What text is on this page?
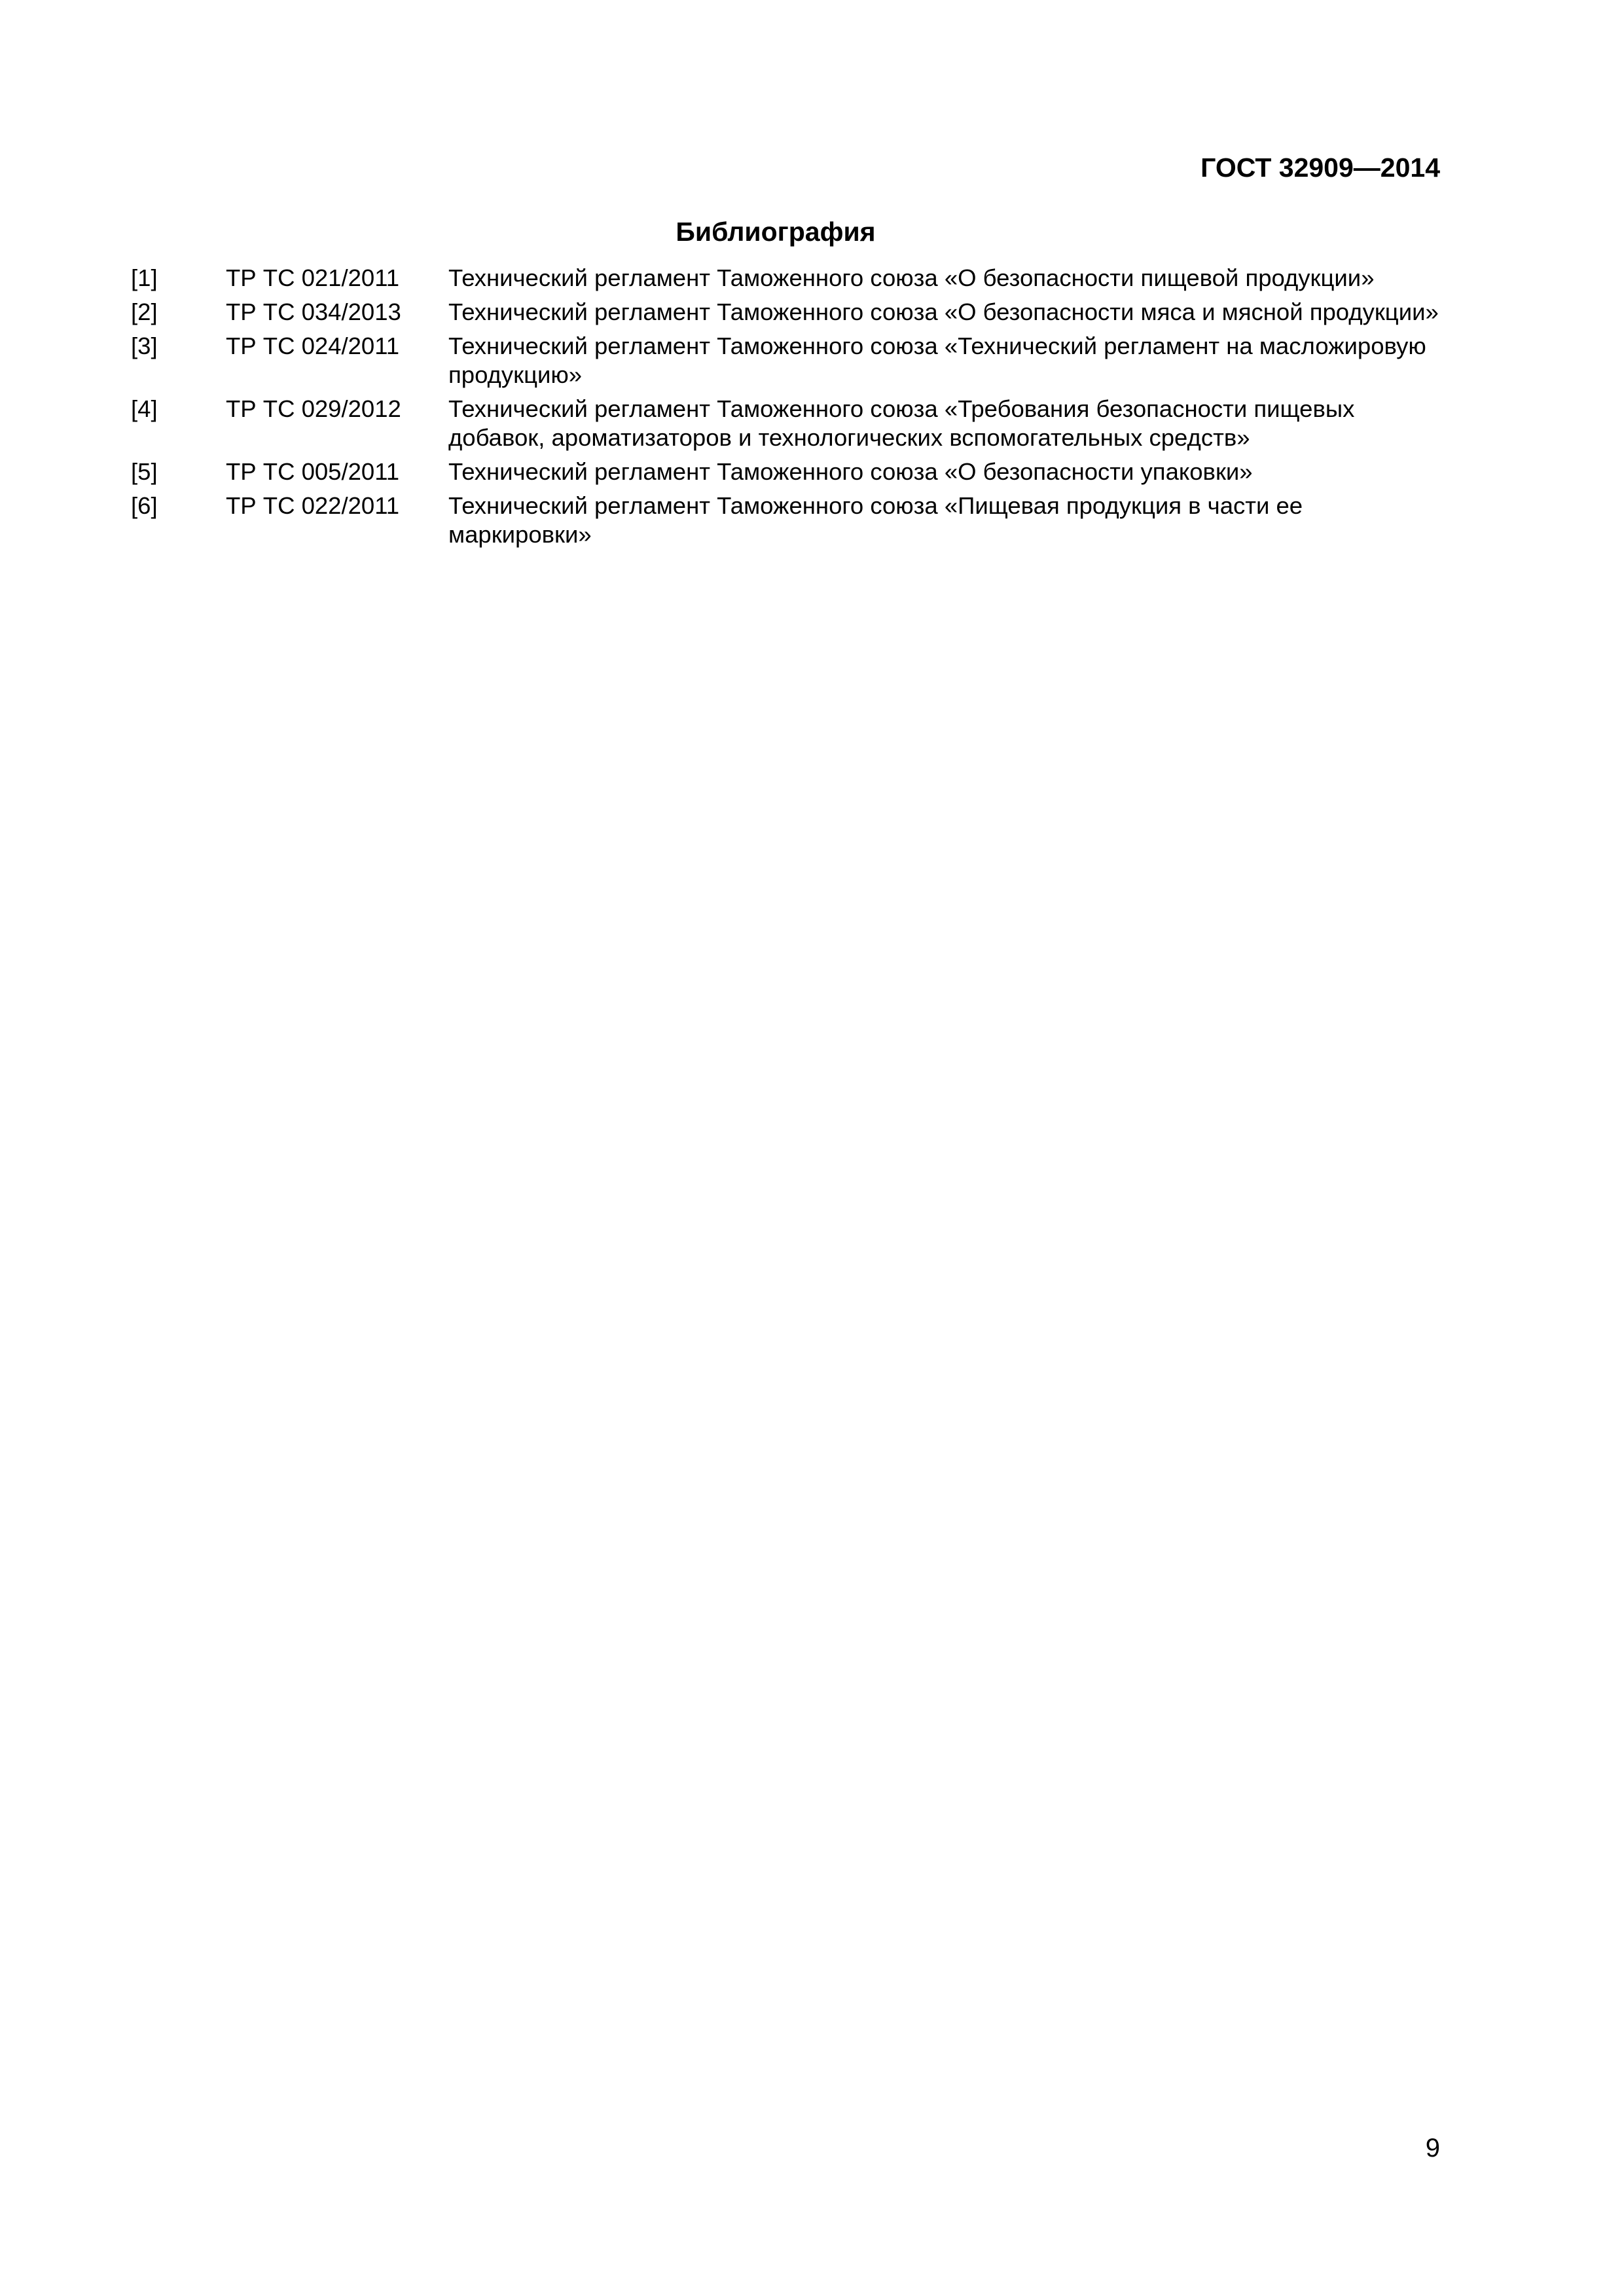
ГОСТ 32909—2014
Библиография
[1]	ТР ТС 021/2011	Технический регламент Таможенного союза «О безопасности пищевой продукции»
[2]	ТР ТС 034/2013	Технический регламент Таможенного союза «О безопасности мяса и мясной продукции»
[3]	ТР ТС 024/2011	Технический регламент Таможенного союза «Технический регламент на масложировую продукцию»
[4]	ТР ТС 029/2012	Технический регламент Таможенного союза «Требования безопасности пищевых добавок, ароматизаторов и технологических вспомогательных средств»
[5]	ТР ТС 005/2011	Технический регламент Таможенного союза «О безопасности упаковки»
[6]	ТР ТС 022/2011	Технический регламент Таможенного союза «Пищевая продукция в части ее маркировки»
9
